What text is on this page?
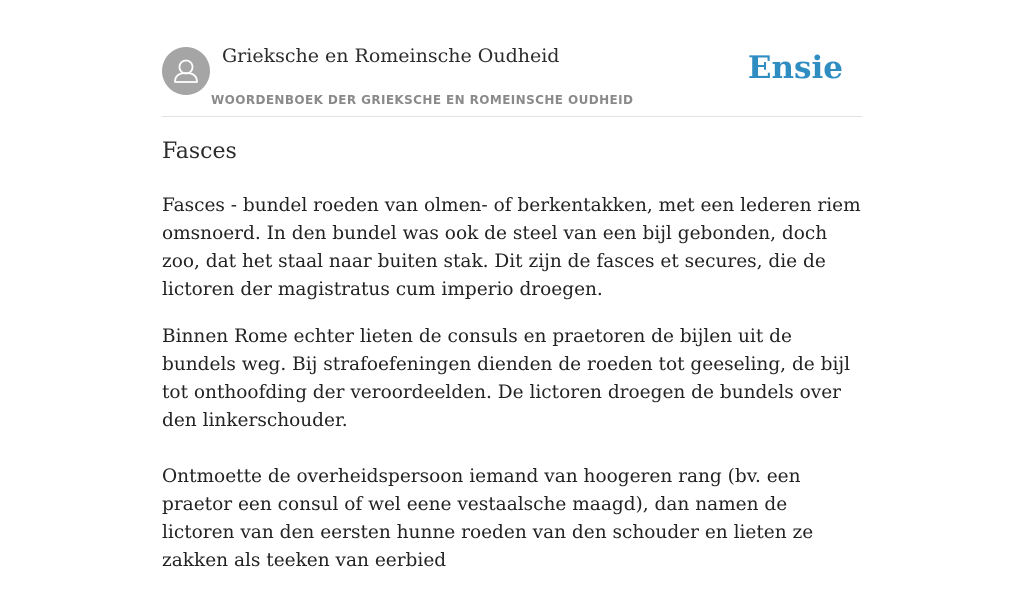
Grieksche en Romeinsche Oudheid
WOORDENBOEK DER GRIEKSCHE EN ROMEINSCHE OUDHEID
Ensie
Fasces

Fasces - bundel roeden van olmen- of berkentakken, met een lederen riem omsnoerd. In den bundel was ook de steel van een bijl gebonden, doch zoo, dat het staal naar buiten stak. Dit zijn de fasces et secures, die de lictoren der magistratus cum imperio droegen.

Binnen Rome echter lieten de consuls en praetoren de bijlen uit de bundels weg. Bij strafoefeningen dienden de roeden tot geeseling, de bijl tot onthoofding der veroordeelden. De lictoren droegen de bundels over den linkerschouder.

Ontmoette de overheidspersoon iemand van hoogeren rang (bv. een praetor een consul of wel eene vestaalsche maagd), dan namen de lictoren van den eersten hunne roeden van den schouder en lieten ze zakken als teeken van eerbied
